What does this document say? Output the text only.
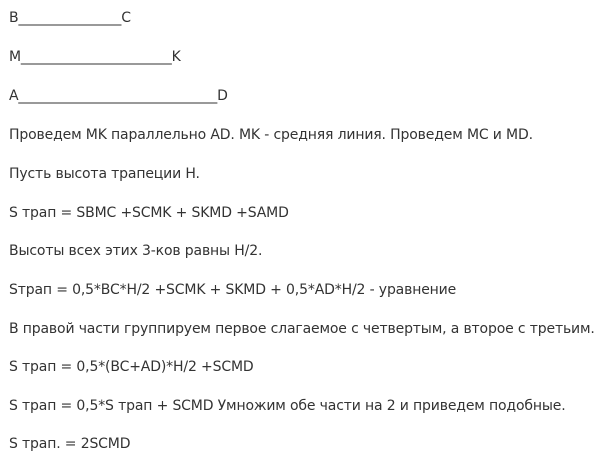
B_______________C
M______________________K
A_____________________________D
Проведем MK параллельно AD. MK - средняя линия. Проведем MC и MD.
Пусть высота трапеции H.
S трап = SBMC +SCMK + SKMD +SAMD
Высоты всех этих 3-ков равны H/2.
Sтрап = 0,5*BC*H/2 +SCMK + SKMD + 0,5*AD*H/2 - уравнение
В правой части группируем первое слагаемое с четвертым, а второе с третьим.
S трап = 0,5*(BC+AD)*H/2 +SCMD
S трап = 0,5*S трап + SCMD Умножим обе части на 2 и приведем подобные.
S трап. = 2SCMD
